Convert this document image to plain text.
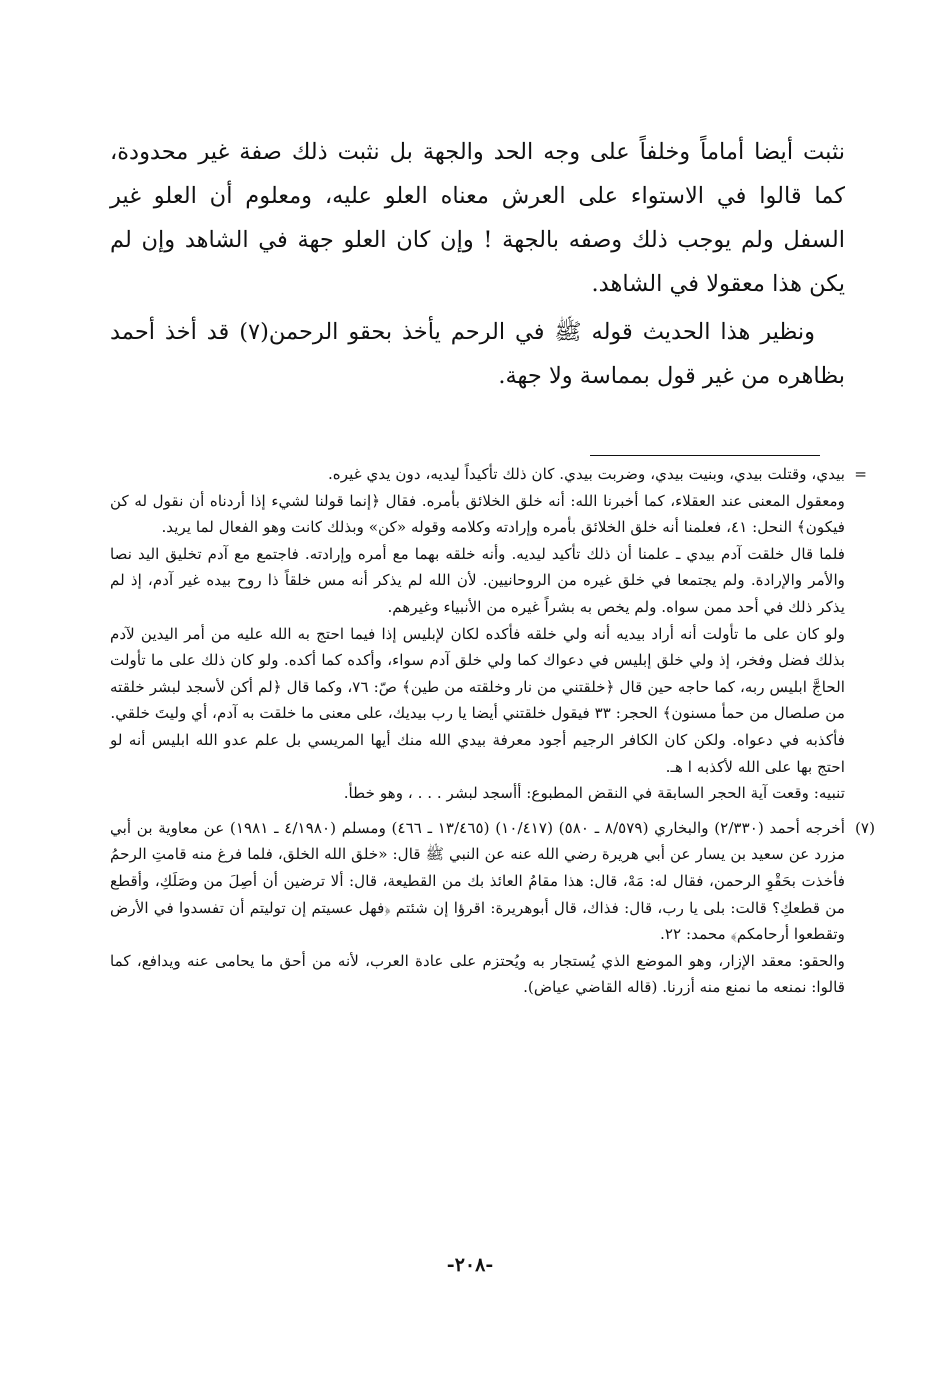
نثبت أيضا أماماً وخلفاً على وجه الحد والجهة بل نثبت ذلك صفة غير محدودة، كما قالوا في الاستواء على العرش معناه العلو عليه، ومعلوم أن العلو غير السفل ولم يوجب ذلك وصفه بالجهة ! وإن كان العلو جهة في الشاهد وإن لم يكن هذا معقولا في الشاهد.

ونظير هذا الحديث قوله ﷺ في الرحم يأخذ بحقو الرحمن(٧) قد أخذ أحمد بظاهره من غير قول بمماسة ولا جهة.

=
بيدي، وقتلت بيدي، وبنيت بيدي، وضربت بيدي. كان ذلك تأكيداً ليديه، دون يدي غيره.

ومعقول المعنى عند العقلاء، كما أخبرنا الله: أنه خلق الخلائق بأمره. فقال ﴿إنما قولنا لشيء إذا أردناه أن نقول له كن فيكون﴾ النحل: ٤١، فعلمنا أنه خلق الخلائق بأمره وإرادته وكلامه وقوله «كن» وبذلك كانت وهو الفعال لما يريد.

فلما قال خلقت آدم بيدي ـ علمنا أن ذلك تأكيد ليديه. وأنه خلقه بهما مع أمره وإرادته. فاجتمع مع آدم تخليق اليد نصا والأمر والإرادة. ولم يجتمعا في خلق غيره من الروحانيين. لأن الله لم يذكر أنه مس خلقاً ذا روح بيده غير آدم، إذ لم يذكر ذلك في أحد ممن سواه. ولم يخص به بشراً غيره من الأنبياء وغيرهم.

ولو كان على ما تأولت أنه أراد بيديه أنه ولي خلقه فأكده لكان لإبليس إذا فيما احتج به الله عليه من أمر اليدين لآدم بذلك فضل وفخر، إذ ولي خلق إبليس في دعواك كما ولي خلق آدم سواء، وأكده كما أكده. ولو كان ذلك على ما تأولت الحاجَّ ابليس ربه، كما حاجه حين قال ﴿خلقتني من نار وخلقته من طين﴾ صّ: ٧٦، وكما قال ﴿لم أكن لأسجد لبشر خلقته من صلصال من حمأ مسنون﴾ الحجر: ٣٣ فيقول خلقتني أيضا يا رب بيديك، على معنى ما خلقت به آدم، أي وليتَ خلقي.

فأكذبه في دعواه. ولكن كان الكافر الرجيم أجود معرفة بيدي الله منك أيها المريسي بل علم عدو الله ابليس أنه لو احتج بها على الله لأكذبه ا هـ.

تنبيه: وقعت آية الحجر السابقة في النقض المطبوع: أأسجد لبشر . . . ، وهو خطأ.

(٧)
أخرجه أحمد (٢/٣٣٠) والبخاري (٨/٥٧٩ ـ ٥٨٠) (١٠/٤١٧) (١٣/٤٦٥ ـ ٤٦٦) ومسلم (٤/١٩٨٠ ـ ١٩٨١) عن معاوية بن أبي مزرد عن سعيد بن يسار عن أبي هريرة رضي الله عنه عن النبي ﷺ قال: «خلق الله الخلق، فلما فرغ منه قامتِ الرحمُ فأخذت بحَقْوِ الرحمن، فقال له: مَهْ، قال: هذا مقامُ العائذ بك من القطيعة، قال: ألا ترضين أن أصِلَ من وصَلَكِ، وأقطع من قطعكِ؟ قالت: بلى يا رب، قال: فذاك، قال أبوهريرة: اقرؤا إن شئتم ﴿فهل عسيتم إن توليتم أن تفسدوا في الأرض وتقطعوا أرحامكم﴾ محمد: ٢٢.

والحقو: معقد الإزار، وهو الموضع الذي يُستجار به ويُحتزم على عادة العرب، لأنه من أحق ما يحامى عنه ويدافع، كما قالوا: نمنعه ما نمنع منه أزرنا. (قاله القاضي عياض).

-٢٠٨-
